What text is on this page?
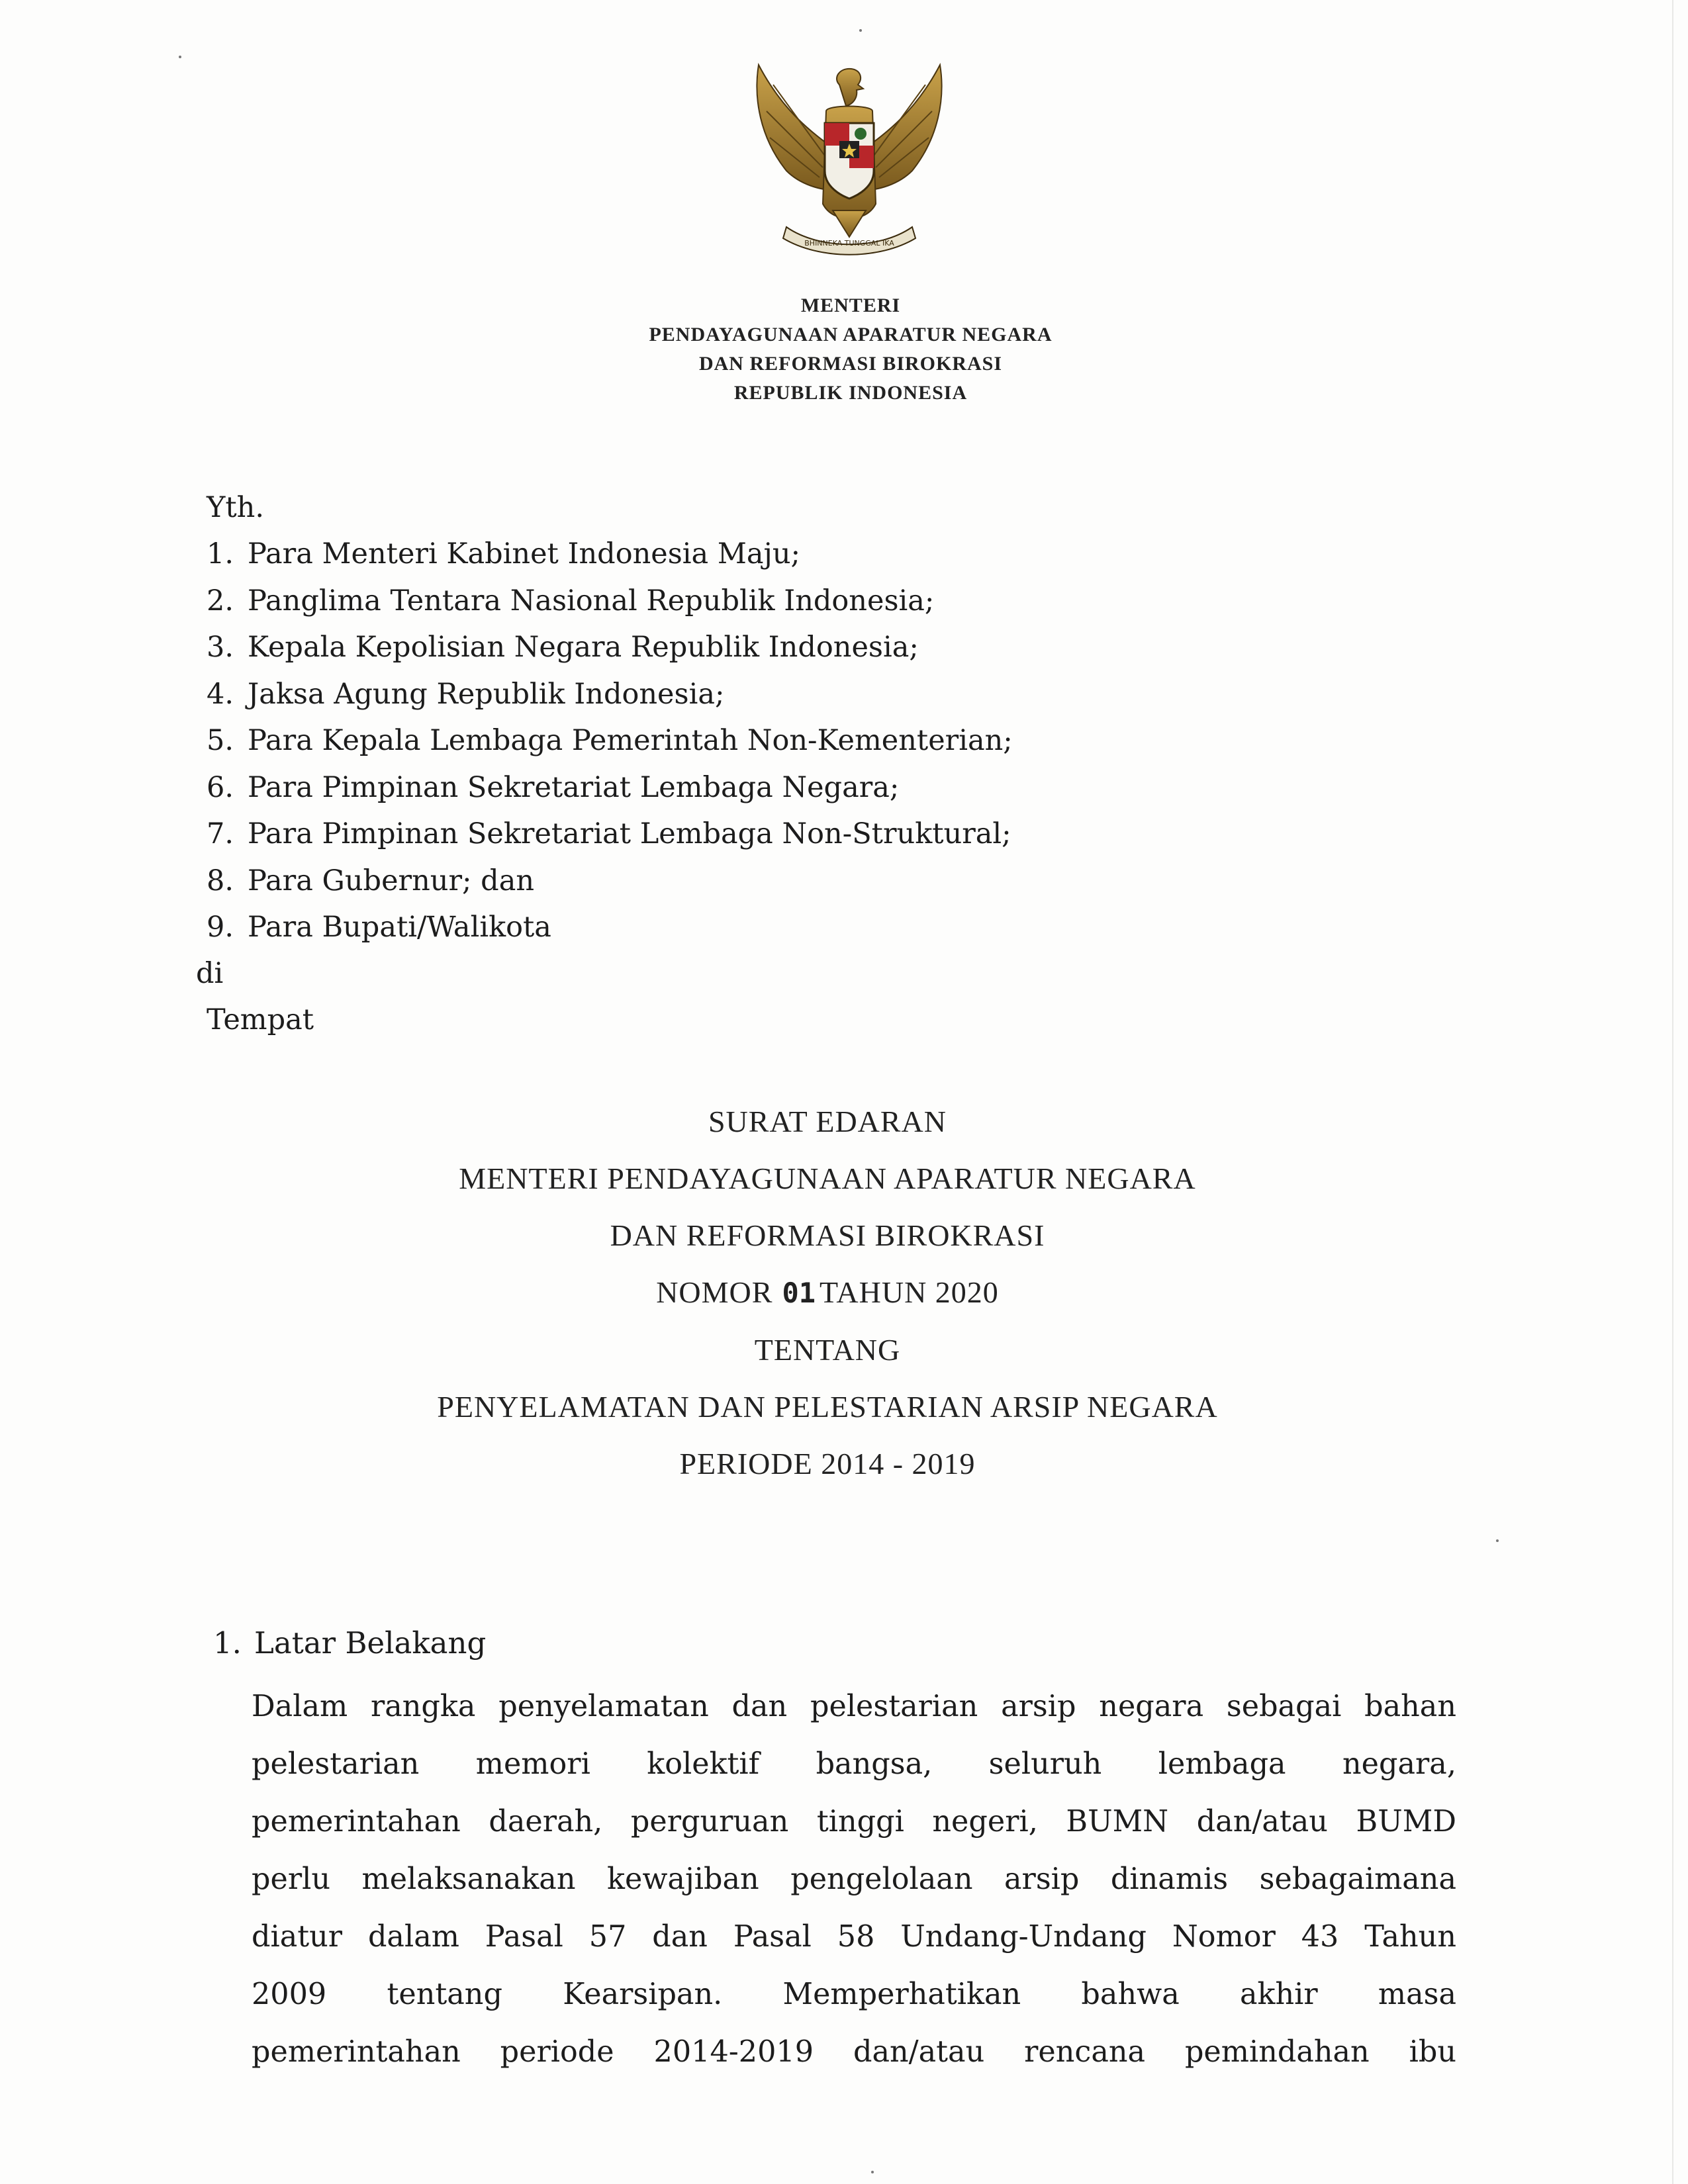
BHINNEKA TUNGGAL IKA
MENTERI
PENDAYAGUNAAN APARATUR NEGARA
DAN REFORMASI BIROKRASI
REPUBLIK INDONESIA
Yth.
1. Para Menteri Kabinet Indonesia Maju;
2. Panglima Tentara Nasional Republik Indonesia;
3. Kepala Kepolisian Negara Republik Indonesia;
4. Jaksa Agung Republik Indonesia;
5. Para Kepala Lembaga Pemerintah Non-Kementerian;
6. Para Pimpinan Sekretariat Lembaga Negara;
7. Para Pimpinan Sekretariat Lembaga Non-Struktural;
8. Para Gubernur; dan
9. Para Bupati/Walikota
di
Tempat
SURAT EDARAN
MENTERI PENDAYAGUNAAN APARATUR NEGARA
DAN REFORMASI BIROKRASI
NOMOR 01 TAHUN 2020
TENTANG
PENYELAMATAN DAN PELESTARIAN ARSIP NEGARA
PERIODE 2014 - 2019
1. Latar Belakang
Dalam rangka penyelamatan dan pelestarian arsip negara sebagai bahan
pelestarian memori kolektif bangsa, seluruh lembaga negara,
pemerintahan daerah, perguruan tinggi negeri, BUMN dan/atau BUMD
perlu melaksanakan kewajiban pengelolaan arsip dinamis sebagaimana
diatur dalam Pasal 57 dan Pasal 58 Undang-Undang Nomor 43 Tahun
2009 tentang Kearsipan. Memperhatikan bahwa akhir masa
pemerintahan periode 2014-2019 dan/atau rencana pemindahan ibu
